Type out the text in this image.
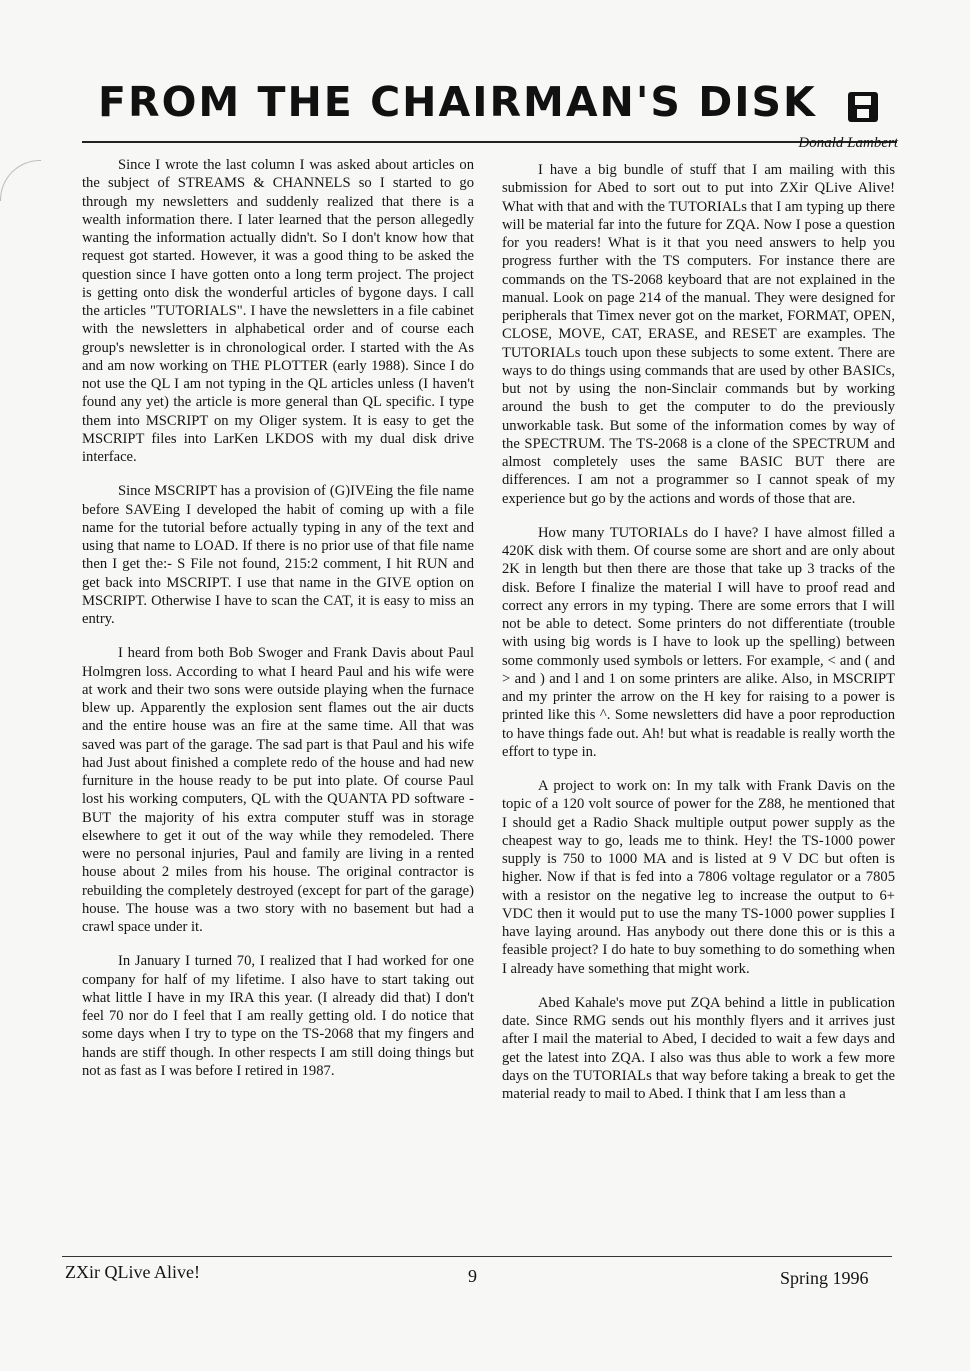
FROM THE CHAIRMAN'S DISK
Donald Lambert

Since I wrote the last column I was asked about articles on the subject of STREAMS & CHANNELS so I started to go through my newsletters and suddenly realized that there is a wealth information there. I later learned that the person allegedly wanting the information actually didn't. So I don't know how that request got started. However, it was a good thing to be asked the question since I have gotten onto a long term project. The project is getting onto disk the wonderful articles of bygone days. I call the articles "TUTORIALS". I have the newsletters in a file cabinet with the newsletters in alphabetical order and of course each group's newsletter is in chronological order. I started with the As and am now working on THE PLOTTER (early 1988). Since I do not use the QL I am not typing in the QL articles unless (I haven't found any yet) the article is more general than QL specific. I type them into MSCRIPT on my Oliger system. It is easy to get the MSCRIPT files into LarKen LKDOS with my dual disk drive interface.

Since MSCRIPT has a provision of (G)IVEing the file name before SAVEing I developed the habit of coming up with a file name for the tutorial before actually typing in any of the text and using that name to LOAD. If there is no prior use of that file name then I get the:- S File not found, 215:2 comment, I hit RUN and get back into MSCRIPT. I use that name in the GIVE option on MSCRIPT. Otherwise I have to scan the CAT, it is easy to miss an entry.

I heard from both Bob Swoger and Frank Davis about Paul Holmgren loss. According to what I heard Paul and his wife were at work and their two sons were outside playing when the furnace blew up. Apparently the explosion sent flames out the air ducts and the entire house was an fire at the same time. All that was saved was part of the garage. The sad part is that Paul and his wife had Just about finished a complete redo of the house and had new furniture in the house ready to be put into plate. Of course Paul lost his working computers, QL with the QUANTA PD software - BUT the majority of his extra computer stuff was in storage elsewhere to get it out of the way while they remodeled. There were no personal injuries, Paul and family are living in a rented house about 2 miles from his house. The original contractor is rebuilding the completely destroyed (except for part of the garage) house. The house was a two story with no basement but had a crawl space under it.

In January I turned 70, I realized that I had worked for one company for half of my lifetime. I also have to start taking out what little I have in my IRA this year. (I already did that) I don't feel 70 nor do I feel that I am really getting old. I do notice that some days when I try to type on the TS-2068 that my fingers and hands are stiff though. In other respects I am still doing things but not as fast as I was before I retired in 1987.

I have a big bundle of stuff that I am mailing with this submission for Abed to sort out to put into ZXir QLive Alive! What with that and with the TUTORIALs that I am typing up there will be material far into the future for ZQA. Now I pose a question for you readers! What is it that you need answers to help you progress further with the TS computers. For instance there are commands on the TS-2068 keyboard that are not explained in the manual. Look on page 214 of the manual. They were designed for peripherals that Timex never got on the market, FORMAT, OPEN, CLOSE, MOVE, CAT, ERASE, and RESET are examples. The TUTORIALs touch upon these subjects to some extent. There are ways to do things using commands that are used by other BASICs, but not by using the non-Sinclair commands but by working around the bush to get the computer to do the previously unworkable task. But some of the information comes by way of the SPECTRUM. The TS-2068 is a clone of the SPECTRUM and almost completely uses the same BASIC BUT there are differences. I am not a programmer so I cannot speak of my experience but go by the actions and words of those that are.

How many TUTORIALs do I have? I have almost filled a 420K disk with them. Of course some are short and are only about 2K in length but then there are those that take up 3 tracks of the disk. Before I finalize the material I will have to proof read and correct any errors in my typing. There are some errors that I will not be able to detect. Some printers do not differentiate (trouble with using big words is I have to look up the spelling) between some commonly used symbols or letters. For example, < and ( and > and ) and l and 1 on some printers are alike. Also, in MSCRIPT and my printer the arrow on the H key for raising to a power is printed like this ^. Some newsletters did have a poor reproduction to have things fade out. Ah! but what is readable is really worth the effort to type in.

A project to work on: In my talk with Frank Davis on the topic of a 120 volt source of power for the Z88, he mentioned that I should get a Radio Shack multiple output power supply as the cheapest way to go, leads me to think. Hey! the TS-1000 power supply is 750 to 1000 MA and is listed at 9 V DC but often is higher. Now if that is fed into a 7806 voltage regulator or a 7805 with a resistor on the negative leg to increase the output to 6+ VDC then it would put to use the many TS-1000 power supplies I have laying around. Has anybody out there done this or is this a feasible project? I do hate to buy something to do something when I already have something that might work.

Abed Kahale's move put ZQA behind a little in publication date. Since RMG sends out his monthly flyers and it arrives just after I mail the material to Abed, I decided to wait a few days and get the latest into ZQA. I also was thus able to work a few more days on the TUTORIALs that way before taking a break to get the material ready to mail to Abed. I think that I am less than a

ZXir QLive Alive!	9	Spring 1996
